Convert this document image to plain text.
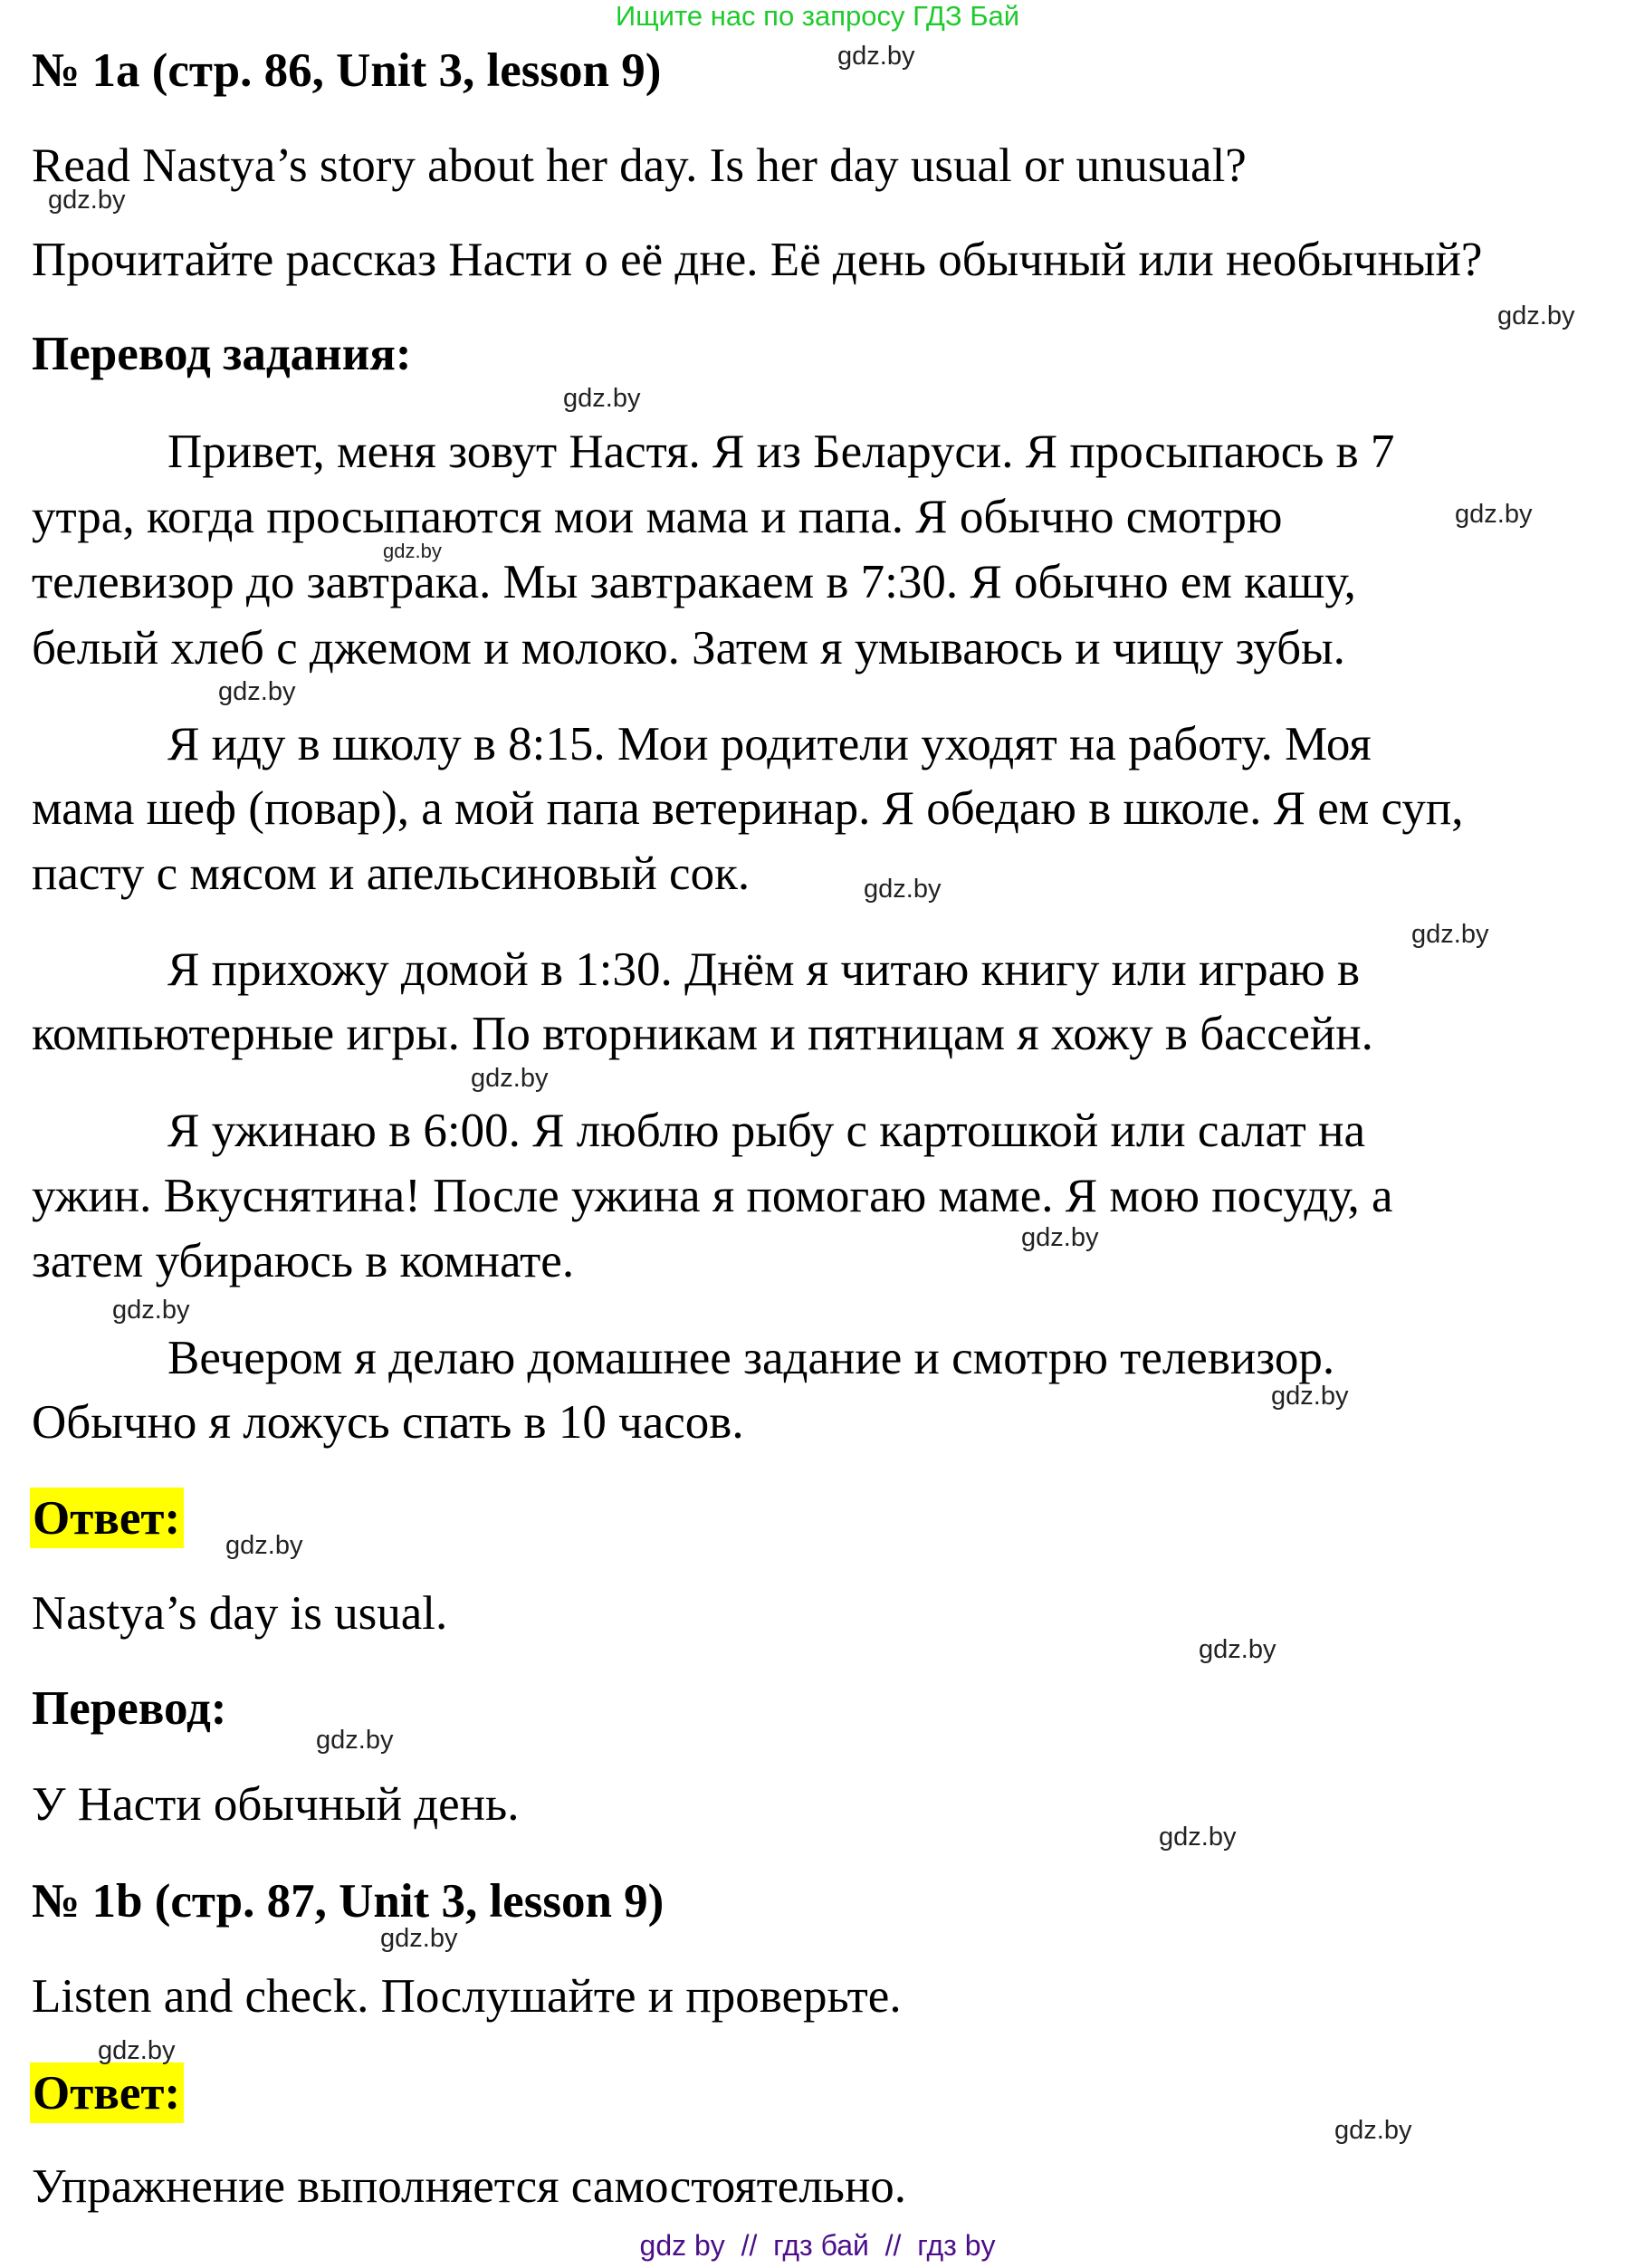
Ищите нас по запросу ГДЗ Бай
№ 1a (стр. 86, Unit 3, lesson 9)
Read Nastya’s story about her day. Is her day usual or unusual?
Прочитайте рассказ Насти о её дне. Её день обычный или необычный?
Перевод задания:
Привет, меня зовут Настя. Я из Беларуси. Я просыпаюсь в 7
утра, когда просыпаются мои мама и папа. Я обычно смотрю
телевизор до завтрака. Мы завтракаем в 7:30. Я обычно ем кашу,
белый хлеб с джемом и молоко. Затем я умываюсь и чищу зубы.
Я иду в школу в 8:15. Мои родители уходят на работу. Моя
мама шеф (повар), а мой папа ветеринар. Я обедаю в школе. Я ем суп,
пасту с мясом и апельсиновый сок.
Я прихожу домой в 1:30. Днём я читаю книгу или играю в
компьютерные игры. По вторникам и пятницам я хожу в бассейн.
Я ужинаю в 6:00. Я люблю рыбу с картошкой или салат на
ужин. Вкуснятина! После ужина я помогаю маме. Я мою посуду, а
затем убираюсь в комнате.
Вечером я делаю домашнее задание и смотрю телевизор.
Обычно я ложусь спать в 10 часов.
Ответ:
Nastya’s day is usual.
Перевод:
У Насти обычный день.
№ 1b (стр. 87, Unit 3, lesson 9)
Listen and check. Послушайте и проверьте.
Ответ:
Упражнение выполняется самостоятельно.
gdz.by
gdz.by
gdz.by
gdz.by
gdz.by
gdz.by
gdz.by
gdz.by
gdz.by
gdz.by
gdz.by
gdz.by
gdz.by
gdz.by
gdz.by
gdz.by
gdz.by
gdz.by
gdz.by
gdz.by
gdz by  //  гдз бай  //  гдз by
